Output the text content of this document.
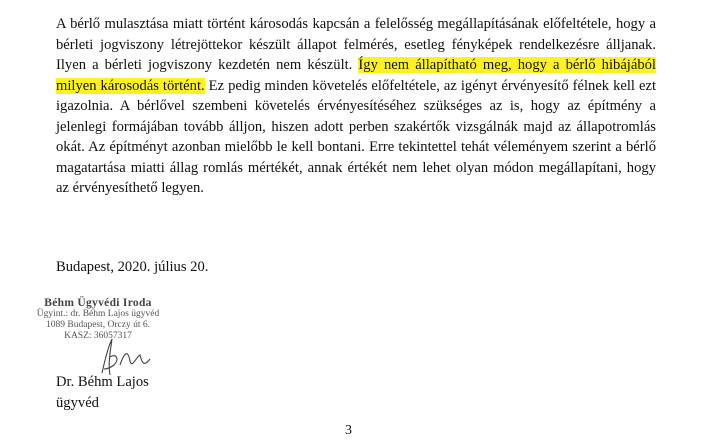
A bérlő mulasztása miatt történt károsodás kapcsán a felelősség megállapításának előfeltétele, hogy a bérleti jogviszony létrejöttekor készült állapot felmérés, esetleg fényképek rendelkezésre álljanak. Ilyen a bérleti jogviszony kezdetén nem készült. Így nem állapítható meg, hogy a bérlő hibájából milyen károsodás történt. Ez pedig minden követelés előfeltétele, az igényt érvényesítő félnek kell ezt igazolnia. A bérlővel szembeni követelés érvényesítéséhez szükséges az is, hogy az építmény a jelenlegi formájában tovább álljon, hiszen adott perben szakértők vizsgálnák majd az állapotromlás okát. Az építményt azonban mielőbb le kell bontani. Erre tekintettel tehát véleményem szerint a bérlő magatartása miatti állag romlás mértékét, annak értékét nem lehet olyan módon megállapítani, hogy az érvényesíthető legyen.
Budapest, 2020. július 20.
Béhm Ügyvédi Iroda
Ügyint.: dr. Béhm Lajos ügyvéd
1089 Budapest, Orczy út 6.
KASZ: 36057317
Dr. Béhm Lajos
ügyvéd
3
